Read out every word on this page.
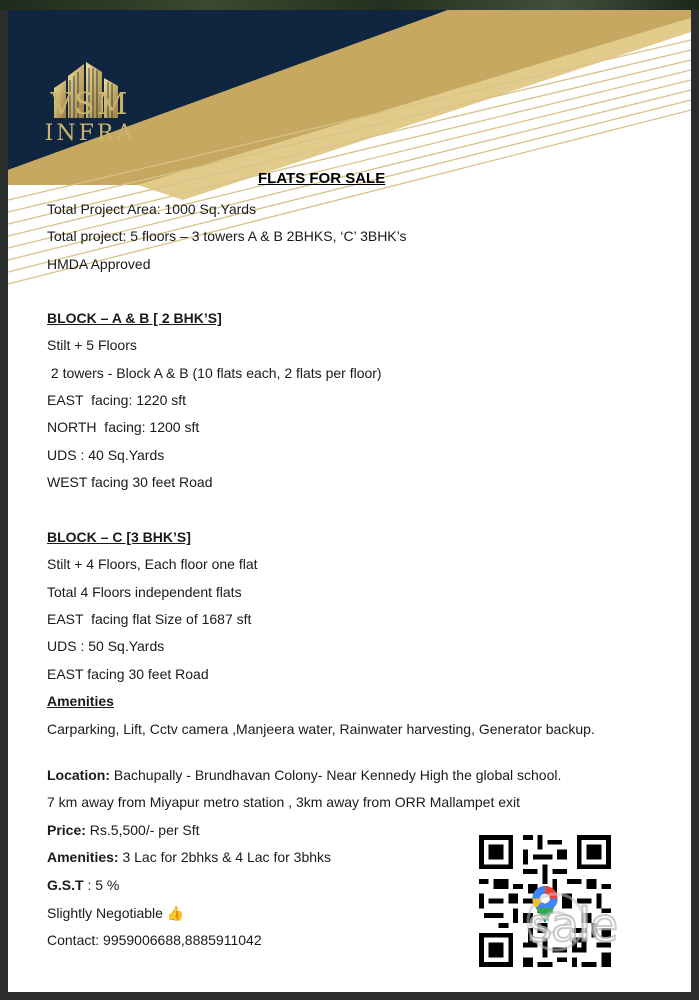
VSM
INFRA
FLATS FOR SALE
Total Project Area: 1000 Sq.Yards
Total project: 5 floors – 3 towers A & B 2BHKS, ‘C’ 3BHK’s
HMDA Approved
BLOCK – A & B [ 2 BHK’S]
Stilt + 5 Floors
2 towers - Block A & B (10 flats each, 2 flats per floor)
EAST  facing: 1220 sft
NORTH  facing: 1200 sft
UDS : 40 Sq.Yards
WEST facing 30 feet Road
BLOCK – C [3 BHK’S]
Stilt + 4 Floors, Each floor one flat
Total 4 Floors independent flats
EAST  facing flat Size of 1687 sft
UDS : 50 Sq.Yards
EAST facing 30 feet Road
Amenities
Carparking, Lift, Cctv camera ,Manjeera water, Rainwater harvesting, Generator backup.
Location: Bachupally - Brundhavan Colony- Near Kennedy High the global school.
7 km away from Miyapur metro station , 3km away from ORR Mallampet exit
Price: Rs.5,500/- per Sft
Amenities: 3 Lac for 2bhks & 4 Lac for 3bhks
G.S.T : 5 %
Slightly Negotiable 👍
Contact: 9959006688,8885911042	sale
